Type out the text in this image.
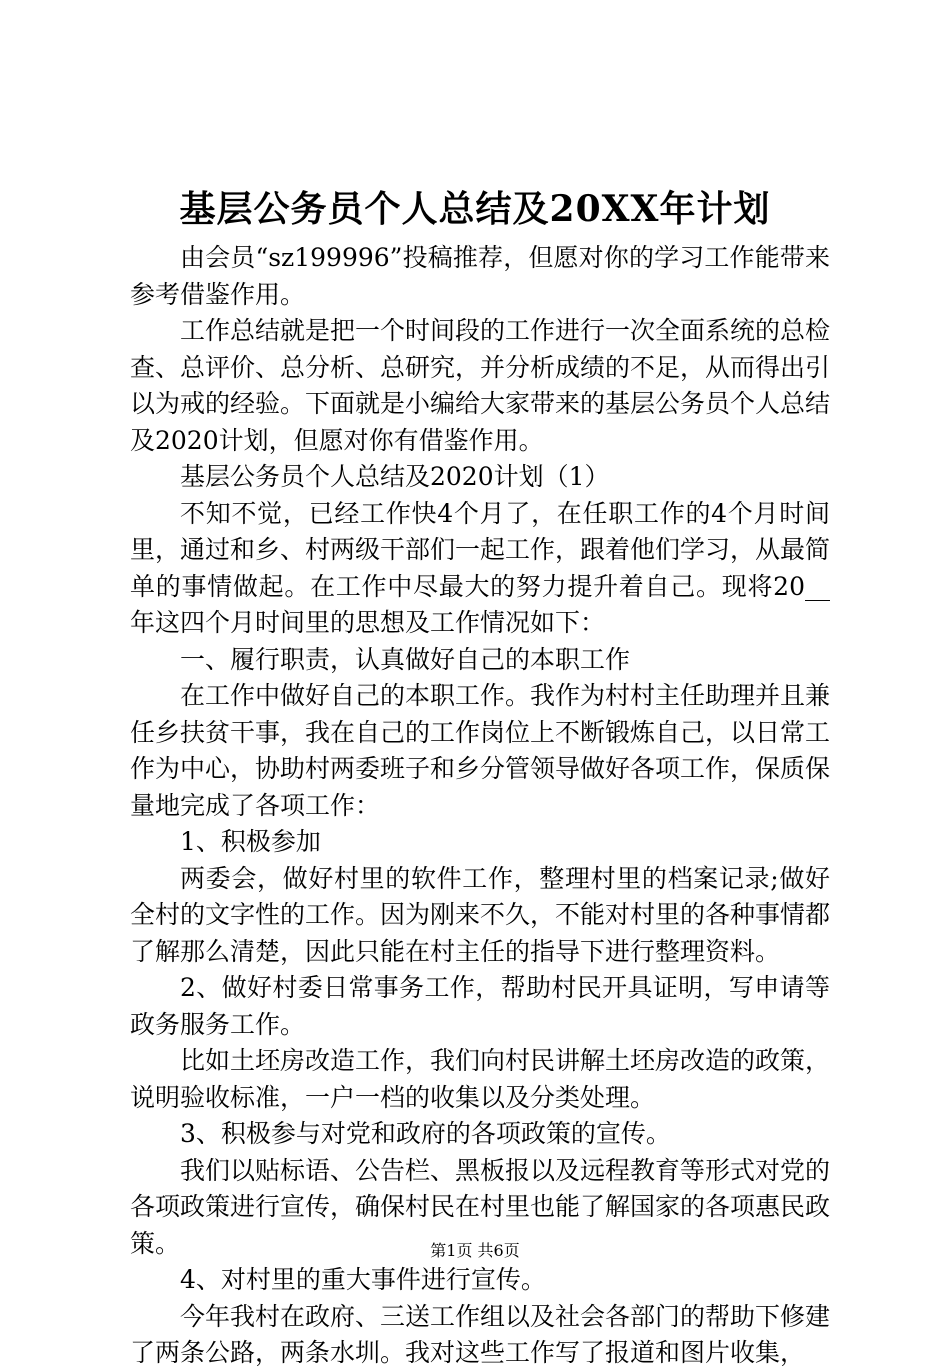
基层公务员个人总结及20XX年计划

由会员“sz199996”投稿推荐，但愿对你的学习工作能带来参考借鉴作用。

工作总结就是把一个时间段的工作进行一次全面系统的总检查、总评价、总分析、总研究，并分析成绩的不足，从而得出引以为戒的经验。下面就是小编给大家带来的基层公务员个人总结及2020计划，但愿对你有借鉴作用。

基层公务员个人总结及2020计划（1）

不知不觉，已经工作快4个月了，在任职工作的4个月时间里，通过和乡、村两级干部们一起工作，跟着他们学习，从最简单的事情做起。在工作中尽最大的努力提升着自己。现将20__年这四个月时间里的思想及工作情况如下：

一、履行职责，认真做好自己的本职工作

在工作中做好自己的本职工作。我作为村村主任助理并且兼任乡扶贫干事，我在自己的工作岗位上不断锻炼自己，以日常工作为中心，协助村两委班子和乡分管领导做好各项工作，保质保量地完成了各项工作：

1、积极参加

两委会，做好村里的软件工作，整理村里的档案记录;做好全村的文字性的工作。因为刚来不久，不能对村里的各种事情都了解那么清楚，因此只能在村主任的指导下进行整理资料。

2、做好村委日常事务工作，帮助村民开具证明，写申请等政务服务工作。

比如土坯房改造工作，我们向村民讲解土坯房改造的政策，说明验收标准，一户一档的收集以及分类处理。

3、积极参与对党和政府的各项政策的宣传。

我们以贴标语、公告栏、黑板报以及远程教育等形式对党的各项政策进行宣传，确保村民在村里也能了解国家的各项惠民政策。

4、对村里的重大事件进行宣传。

今年我村在政府、三送工作组以及社会各部门的帮助下修建了两条公路，两条水圳。我对这些工作写了报道和图片收集，

第1页 共6页
